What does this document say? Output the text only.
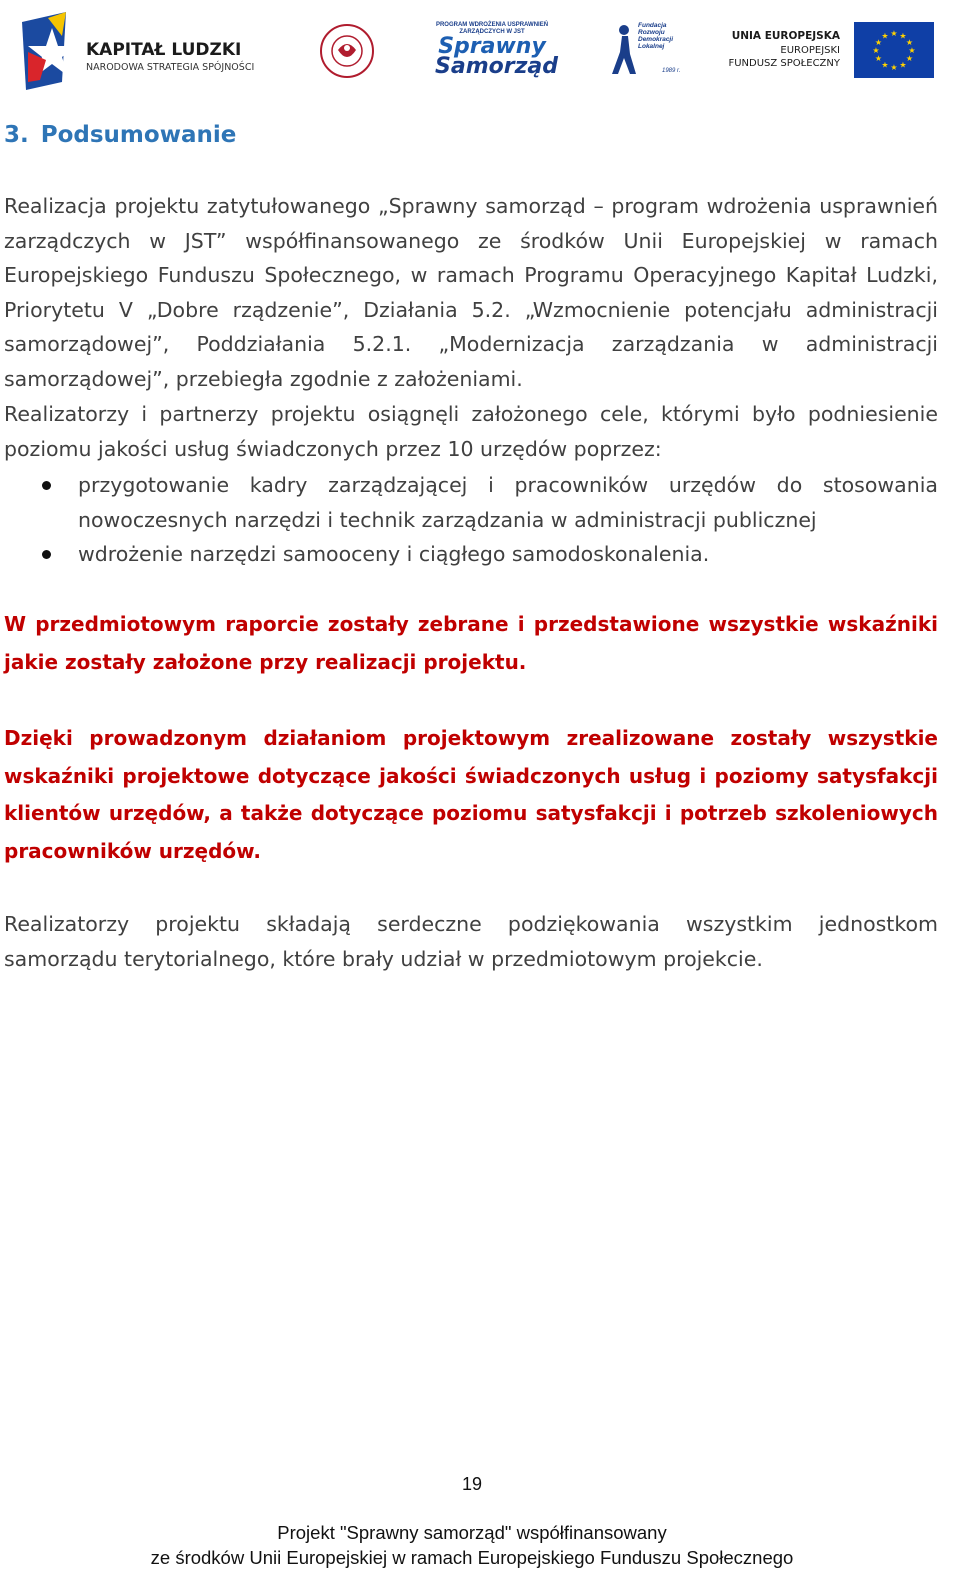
KAPITAŁ LUDZKI
NARODOWA STRATEGIA SPÓJNOŚCI
PROGRAM WDROŻENIA USPRAWNIEŃ ZARZĄDCZYCH W JST
Sprawny
Samorząd
Fundacja Rozwoju Demokracji Lokalnej
1989 r.
UNIA EUROPEJSKA
EUROPEJSKI
FUNDUSZ SPOŁECZNY
★ ★
★
★
★
★
★
★
★
★
★
★
3. Podsumowanie
Realizacja projektu zatytułowanego „Sprawny samorząd – program wdrożenia usprawnień zarządczych w JST” współfinansowanego ze środków Unii Europejskiej w ramach Europejskiego Funduszu Społecznego, w ramach Programu Operacyjnego Kapitał Ludzki, Priorytetu V „Dobre rządzenie”, Działania 5.2. „Wzmocnienie potencjału administracji samorządowej”, Poddziałania 5.2.1. „Modernizacja zarządzania w administracji samorządowej”, przebiegła zgodnie z założeniami.
Realizatorzy i partnerzy projektu osiągnęli założonego cele, którymi było podniesienie poziomu jakości usług świadczonych przez 10 urzędów poprzez:
przygotowanie kadry zarządzającej i pracowników urzędów do stosowania nowoczesnych narzędzi i technik zarządzania w administracji publicznej
wdrożenie narzędzi samooceny i ciągłego samodoskonalenia.
W przedmiotowym raporcie zostały zebrane i przedstawione wszystkie wskaźniki jakie zostały założone przy realizacji projektu.
Dzięki prowadzonym działaniom projektowym zrealizowane zostały wszystkie wskaźniki projektowe dotyczące jakości świadczonych usług i poziomy satysfakcji klientów urzędów, a także dotyczące poziomu satysfakcji i potrzeb szkoleniowych pracowników urzędów.
Realizatorzy projektu składają serdeczne podziękowania wszystkim jednostkom samorządu terytorialnego, które brały udział w przedmiotowym projekcie.
19
Projekt "Sprawny samorząd" współfinansowany
ze środków Unii Europejskiej w ramach Europejskiego Funduszu Społecznego
